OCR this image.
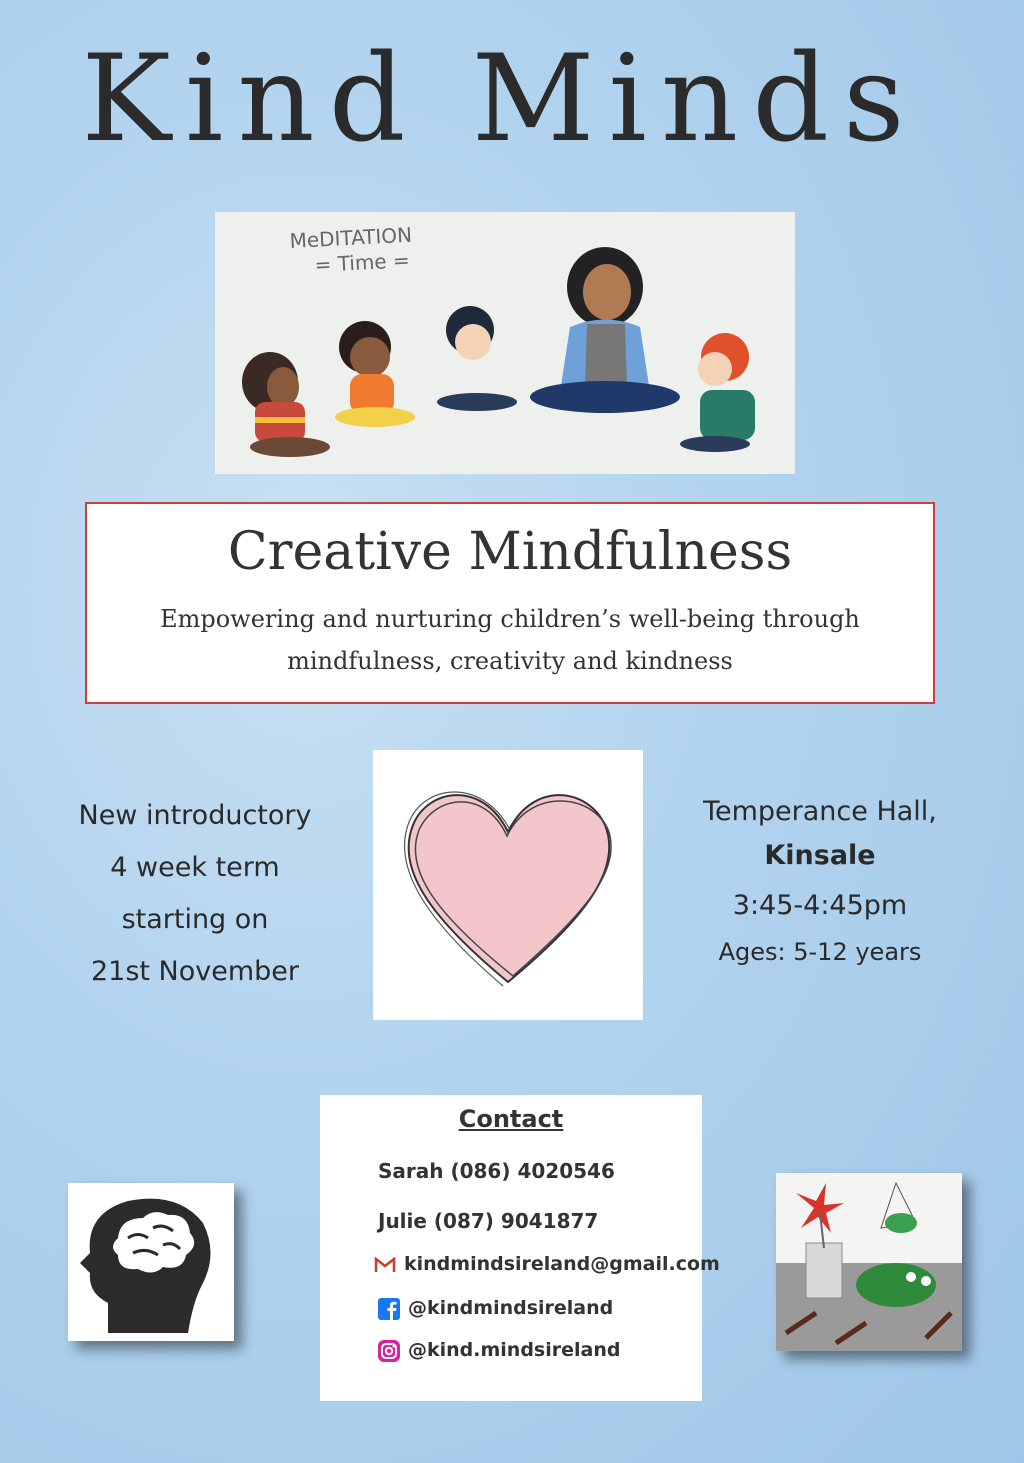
Kind Minds
MeDITATION
= Time =
Creative Mindfulness
Empowering and nurturing children’s well-being through mindfulness, creativity and kindness
New introductory
4 week term
starting on
21st November
Temperance Hall,
Kinsale
3:45-4:45pm
Ages: 5-12 years
Contact
Sarah (086) 4020546
Julie (087) 9041877
kindmindsireland@gmail.com
@kindmindsireland
@kind.mindsireland
